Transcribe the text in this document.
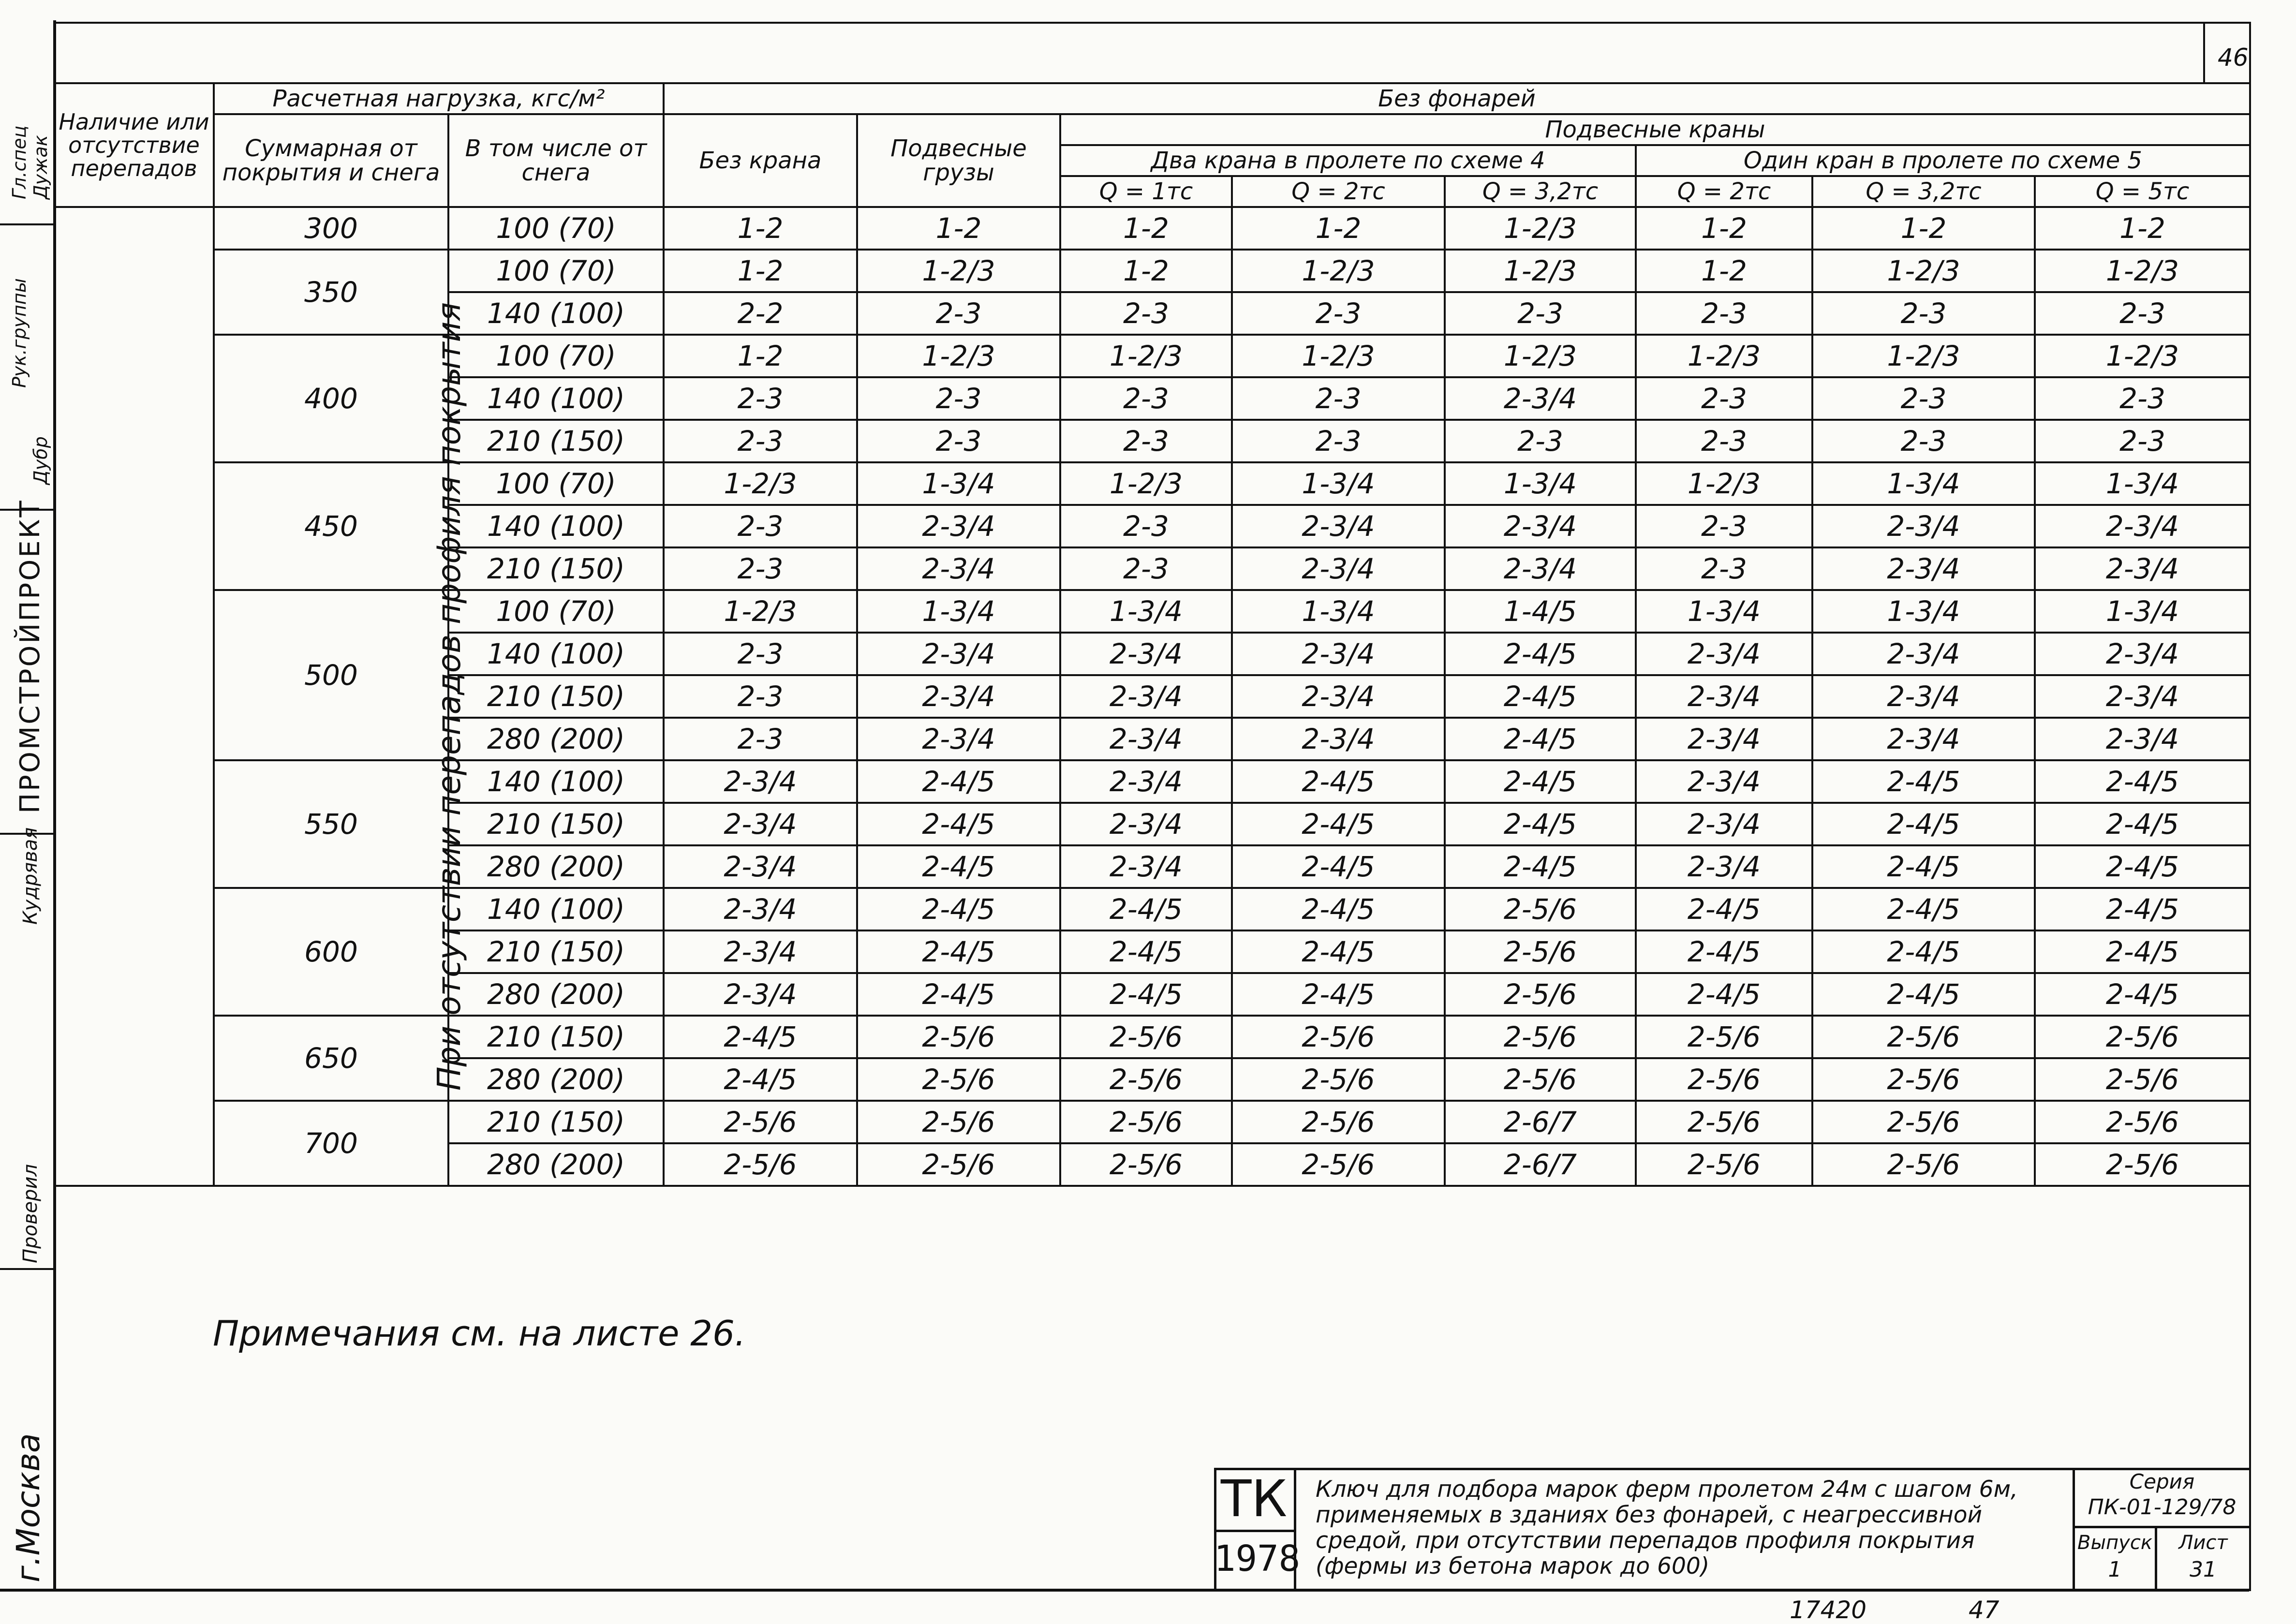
46
Гл.спец Дужак
Рук.группы
Дубр
ПРОМСТРОЙПРОЕКТ
Кудрявая
Проверил
г.Москва
Наличие или отсутствие перепадов	Расчетная нагрузка, кгс/м²		Без фонарей							
	Суммарная от покрытия и снега	В том числе от снега	Без крана	Подвесные грузы	Подвесные краны					
					Два крана в пролете по схеме 4			Один кран в пролете по схеме 5		
					Q = 1тс	Q = 2тс	Q = 3,2тс	Q = 2тс	Q = 3,2тс	Q = 5тс
При отсутствии перепадов профиля покрытия	300	100 (70)	1-2	1-2	1-2	1-2	1-2/3	1-2	1-2	1-2
	350	100 (70)	1-2	1-2/3	1-2	1-2/3	1-2/3	1-2	1-2/3	1-2/3
		140 (100)	2-2	2-3	2-3	2-3	2-3	2-3	2-3	2-3
	400	100 (70)	1-2	1-2/3	1-2/3	1-2/3	1-2/3	1-2/3	1-2/3	1-2/3
		140 (100)	2-3	2-3	2-3	2-3	2-3/4	2-3	2-3	2-3
		210 (150)	2-3	2-3	2-3	2-3	2-3	2-3	2-3	2-3
	450	100 (70)	1-2/3	1-3/4	1-2/3	1-3/4	1-3/4	1-2/3	1-3/4	1-3/4
		140 (100)	2-3	2-3/4	2-3	2-3/4	2-3/4	2-3	2-3/4	2-3/4
		210 (150)	2-3	2-3/4	2-3	2-3/4	2-3/4	2-3	2-3/4	2-3/4
	500	100 (70)	1-2/3	1-3/4	1-3/4	1-3/4	1-4/5	1-3/4	1-3/4	1-3/4
		140 (100)	2-3	2-3/4	2-3/4	2-3/4	2-4/5	2-3/4	2-3/4	2-3/4
		210 (150)	2-3	2-3/4	2-3/4	2-3/4	2-4/5	2-3/4	2-3/4	2-3/4
		280 (200)	2-3	2-3/4	2-3/4	2-3/4	2-4/5	2-3/4	2-3/4	2-3/4
	550	140 (100)	2-3/4	2-4/5	2-3/4	2-4/5	2-4/5	2-3/4	2-4/5	2-4/5
		210 (150)	2-3/4	2-4/5	2-3/4	2-4/5	2-4/5	2-3/4	2-4/5	2-4/5
		280 (200)	2-3/4	2-4/5	2-3/4	2-4/5	2-4/5	2-3/4	2-4/5	2-4/5
	600	140 (100)	2-3/4	2-4/5	2-4/5	2-4/5	2-5/6	2-4/5	2-4/5	2-4/5
		210 (150)	2-3/4	2-4/5	2-4/5	2-4/5	2-5/6	2-4/5	2-4/5	2-4/5
		280 (200)	2-3/4	2-4/5	2-4/5	2-4/5	2-5/6	2-4/5	2-4/5	2-4/5
	650	210 (150)	2-4/5	2-5/6	2-5/6	2-5/6	2-5/6	2-5/6	2-5/6	2-5/6
		280 (200)	2-4/5	2-5/6	2-5/6	2-5/6	2-5/6	2-5/6	2-5/6	2-5/6
	700	210 (150)	2-5/6	2-5/6	2-5/6	2-5/6	2-6/7	2-5/6	2-5/6	2-5/6
		280 (200)	2-5/6	2-5/6	2-5/6	2-5/6	2-6/7	2-5/6	2-5/6	2-5/6
Примечания см. на листе 26.
ТК
1978
Ключ для подбора марок ферм пролетом 24м с шагом 6м, применяемых в зданиях без фонарей, с неагрессивной средой, при отсутствии перепадов профиля покрытия (фермы из бетона марок до 600)
Серия
ПК-01-129/78
Выпуск
1
Лист
31
17420	47
